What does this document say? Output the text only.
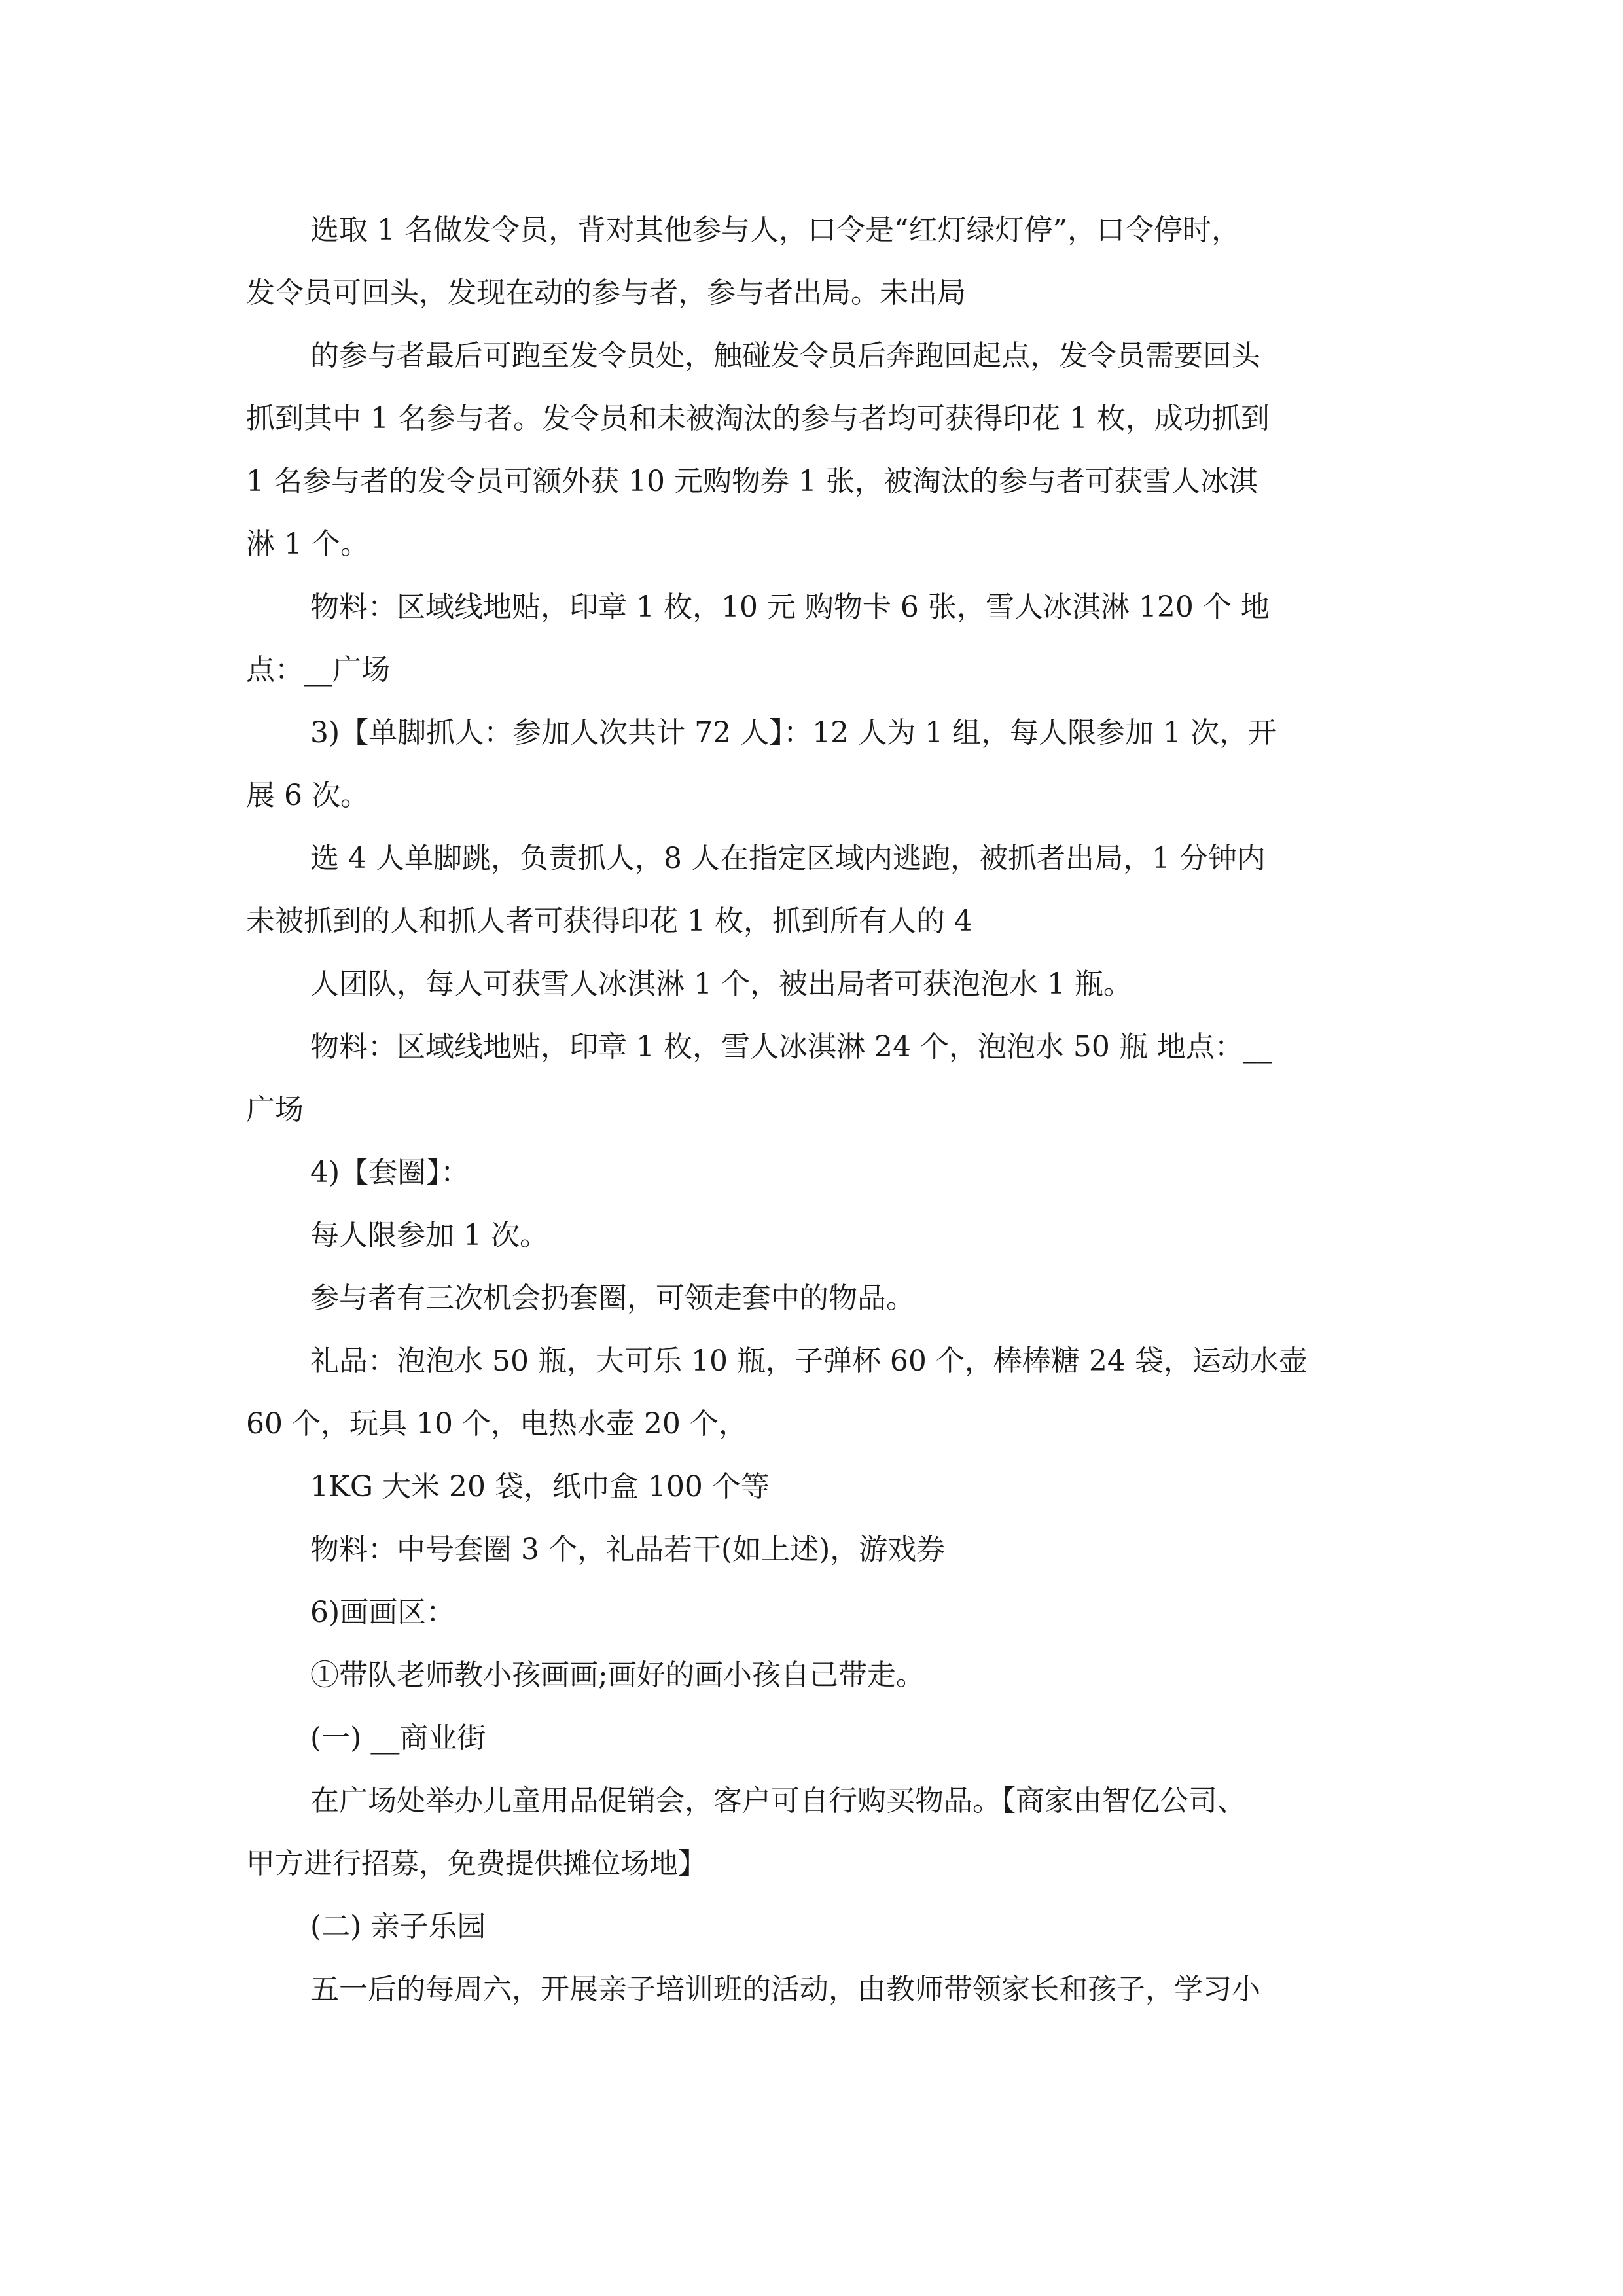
选取 1 名做发令员，背对其他参与人，口令是“红灯绿灯停”，口令停时，

发令员可回头，发现在动的参与者，参与者出局。未出局

的参与者最后可跑至发令员处，触碰发令员后奔跑回起点，发令员需要回头

抓到其中 1 名参与者。发令员和未被淘汰的参与者均可获得印花 1 枚，成功抓到

1 名参与者的发令员可额外获 10 元购物券 1 张，被淘汰的参与者可获雪人冰淇

淋 1 个。

物料：区域线地贴，印章 1 枚，10 元 购物卡 6 张，雪人冰淇淋 120 个 地

点：__广场

3)【单脚抓人：参加人次共计 72 人】：12 人为 1 组，每人限参加 1 次，开

展 6 次。

选 4 人单脚跳，负责抓人，8 人在指定区域内逃跑，被抓者出局，1 分钟内

未被抓到的人和抓人者可获得印花 1 枚，抓到所有人的 4

人团队，每人可获雪人冰淇淋 1 个，被出局者可获泡泡水 1 瓶。

物料：区域线地贴，印章 1 枚，雪人冰淇淋 24 个，泡泡水 50 瓶 地点：__

广场

4)【套圈】：

每人限参加 1 次。

参与者有三次机会扔套圈，可领走套中的物品。

礼品：泡泡水 50 瓶，大可乐 10 瓶，子弹杯 60 个，棒棒糖 24 袋，运动水壶

60 个，玩具 10 个，电热水壶 20 个，

1KG 大米 20 袋，纸巾盒 100 个等

物料：中号套圈 3 个，礼品若干(如上述)，游戏券

6)画画区：

①带队老师教小孩画画;画好的画小孩自己带走。

(一) __商业街

在广场处举办儿童用品促销会，客户可自行购买物品。【商家由智亿公司、

甲方进行招募，免费提供摊位场地】

(二) 亲子乐园

五一后的每周六，开展亲子培训班的活动，由教师带领家长和孩子，学习小
